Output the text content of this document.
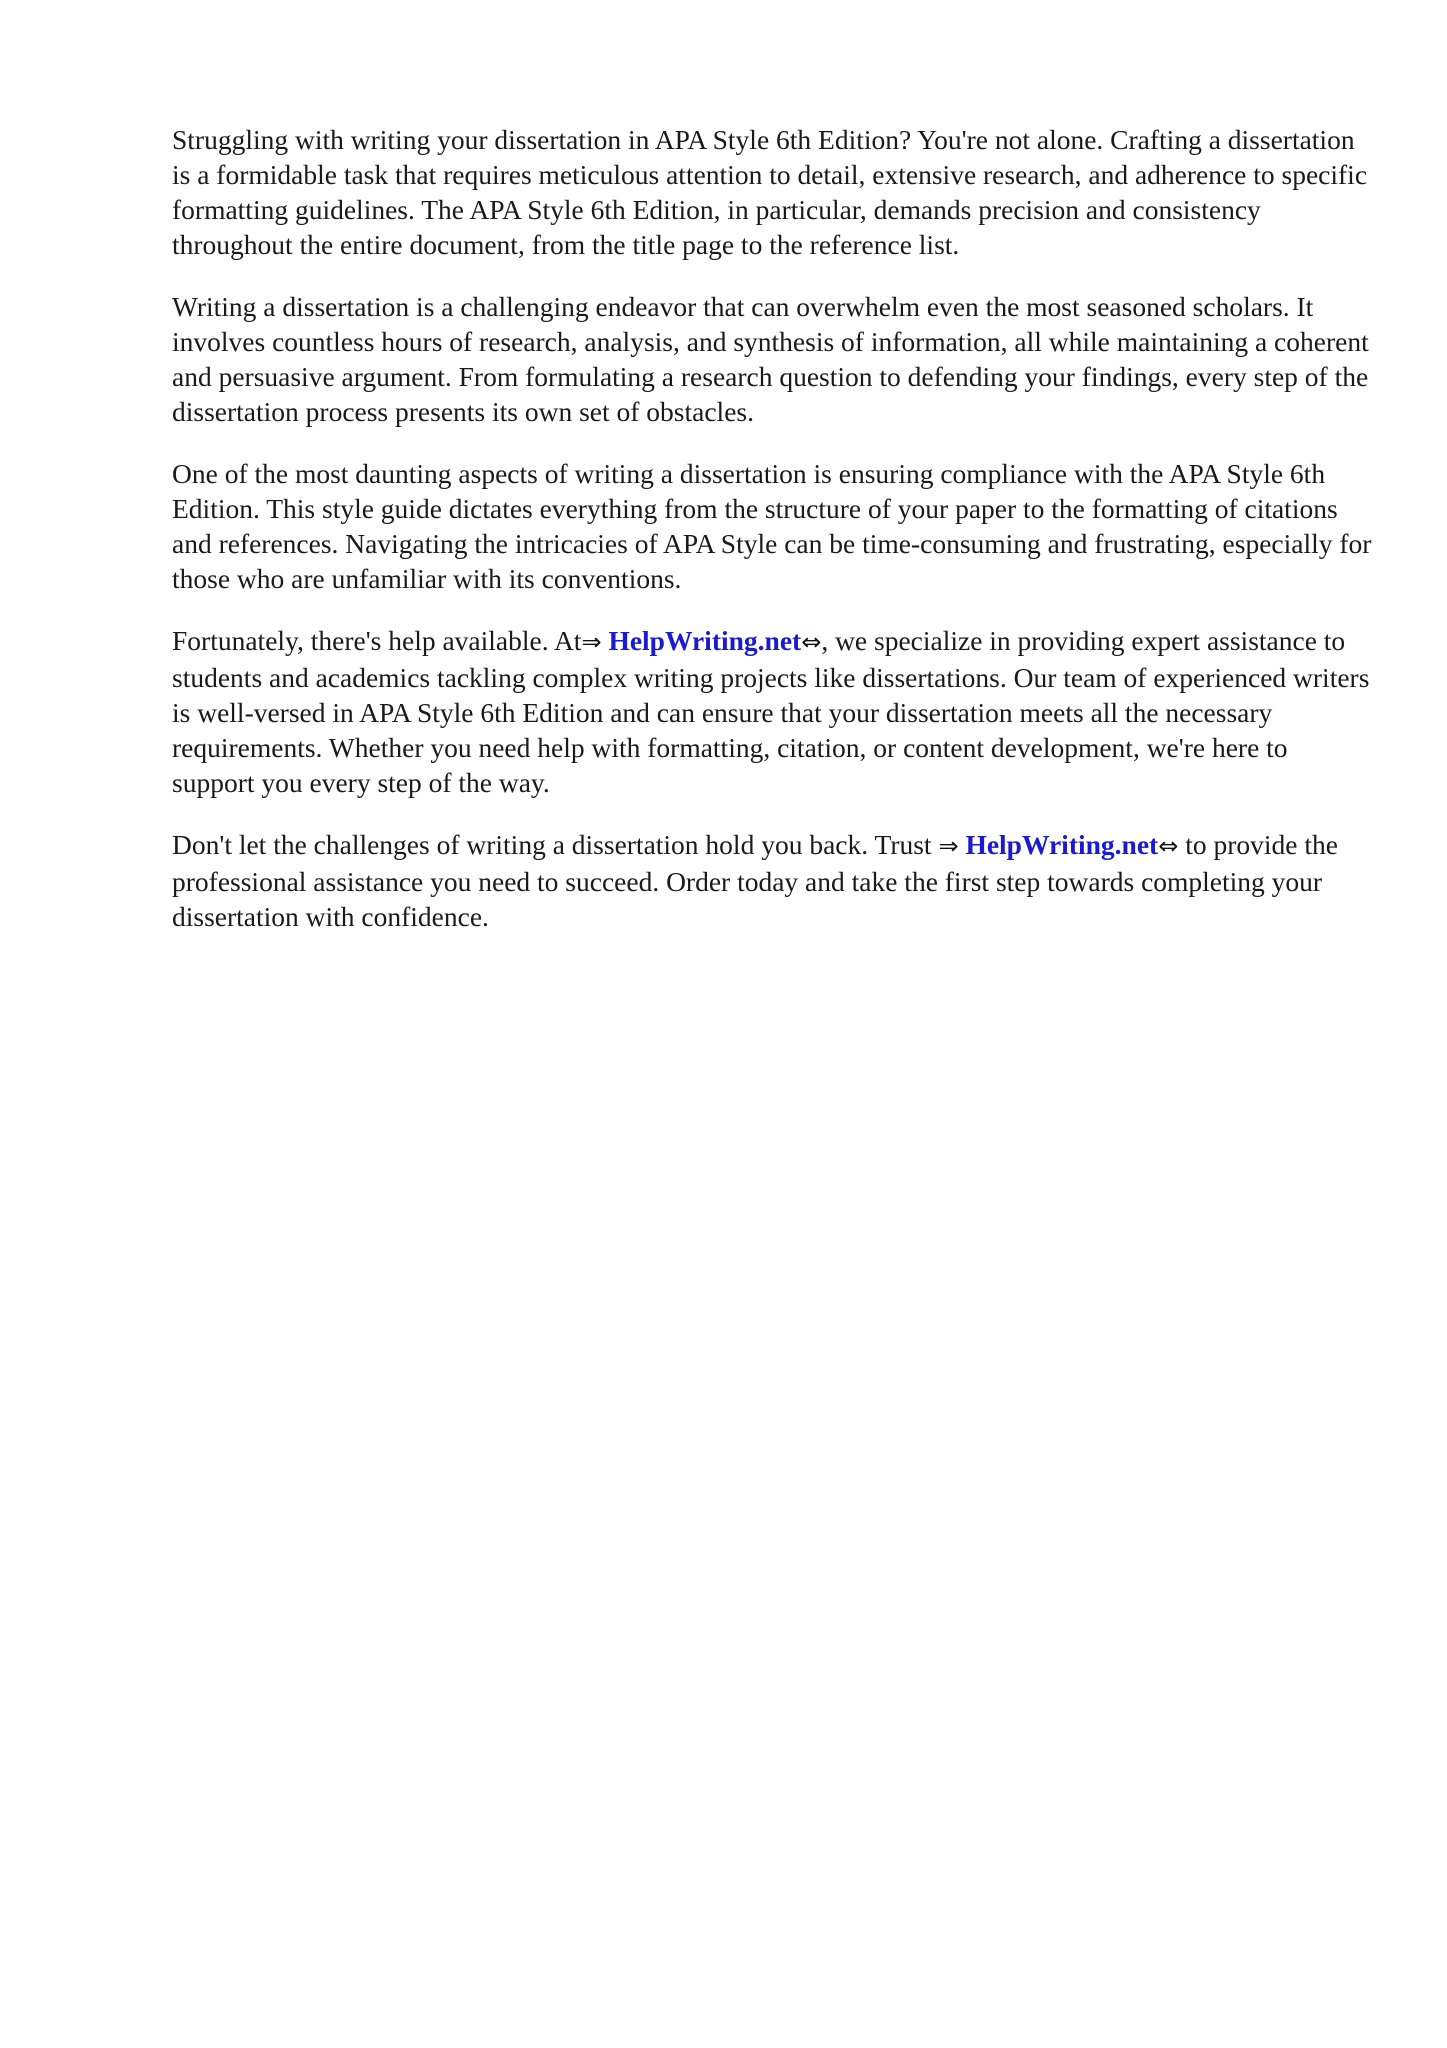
Struggling with writing your dissertation in APA Style 6th Edition? You're not alone. Crafting a dissertation is a formidable task that requires meticulous attention to detail, extensive research, and adherence to specific formatting guidelines. The APA Style 6th Edition, in particular, demands precision and consistency throughout the entire document, from the title page to the reference list.

Writing a dissertation is a challenging endeavor that can overwhelm even the most seasoned scholars. It involves countless hours of research, analysis, and synthesis of information, all while maintaining a coherent and persuasive argument. From formulating a research question to defending your findings, every step of the dissertation process presents its own set of obstacles.

One of the most daunting aspects of writing a dissertation is ensuring compliance with the APA Style 6th Edition. This style guide dictates everything from the structure of your paper to the formatting of citations and references. Navigating the intricacies of APA Style can be time-consuming and frustrating, especially for those who are unfamiliar with its conventions.

Fortunately, there's help available. At⇒ HelpWriting.net⇔, we specialize in providing expert assistance to students and academics tackling complex writing projects like dissertations. Our team of experienced writers is well-versed in APA Style 6th Edition and can ensure that your dissertation meets all the necessary requirements. Whether you need help with formatting, citation, or content development, we're here to support you every step of the way.

Don't let the challenges of writing a dissertation hold you back. Trust ⇒ HelpWriting.net⇔ to provide the professional assistance you need to succeed. Order today and take the first step towards completing your dissertation with confidence.
